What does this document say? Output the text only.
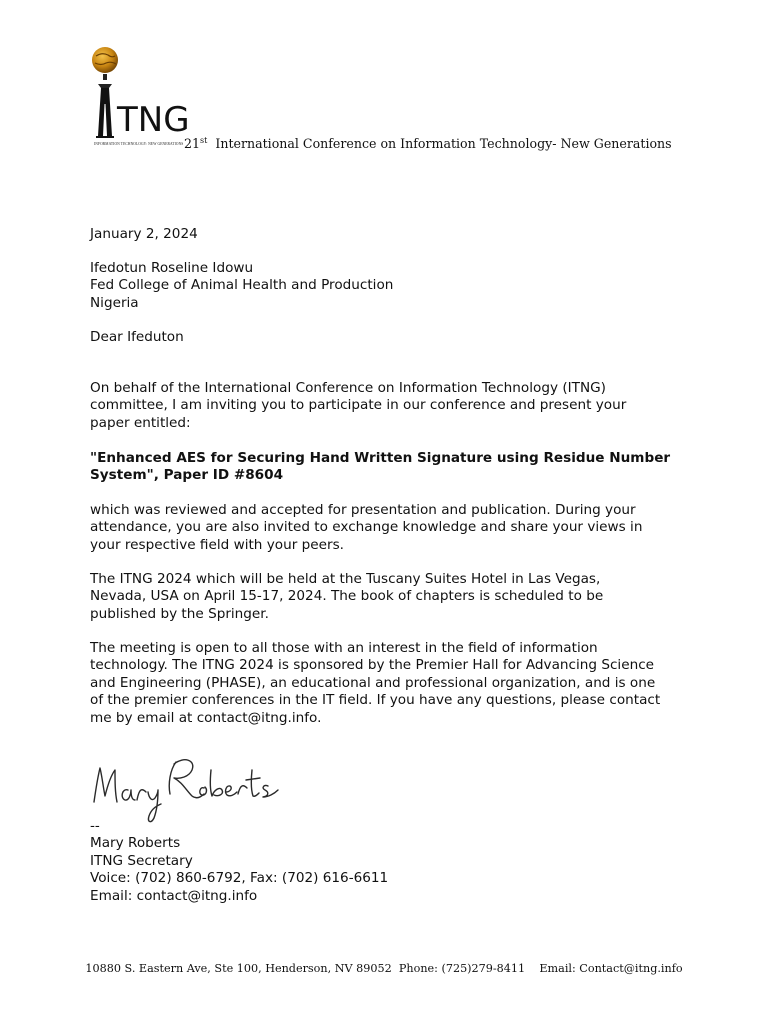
TNG
INFORMATION TECHNOLOGY: NEW GENERATIONS 21st International Conference on Information Technology- New Generations
January 2, 2024
Ifedotun Roseline Idowu
Fed College of Animal Health and Production
Nigeria
Dear Ifeduton
On behalf of the International Conference on Information Technology (ITNG)
committee, I am inviting you to participate in our conference and present your
paper entitled:
"Enhanced AES for Securing Hand Written Signature using Residue Number
System", Paper ID #8604
which was reviewed and accepted for presentation and publication. During your
attendance, you are also invited to exchange knowledge and share your views in
your respective field with your peers.
The ITNG 2024 which will be held at the Tuscany Suites Hotel in Las Vegas,
Nevada, USA on April 15-17, 2024. The book of chapters is scheduled to be
published by the Springer.
The meeting is open to all those with an interest in the field of information
technology. The ITNG 2024 is sponsored by the Premier Hall for Advancing Science
and Engineering (PHASE), an educational and professional organization, and is one
of the premier conferences in the IT field. If you have any questions, please contact
me by email at contact@itng.info.
--
Mary Roberts
ITNG Secretary
Voice: (702) 860-6792, Fax: (702) 616-6611
Email: contact@itng.info
10880 S. Eastern Ave, Ste 100, Henderson, NV 89052  Phone: (725)279-8411    Email: Contact@itng.info
